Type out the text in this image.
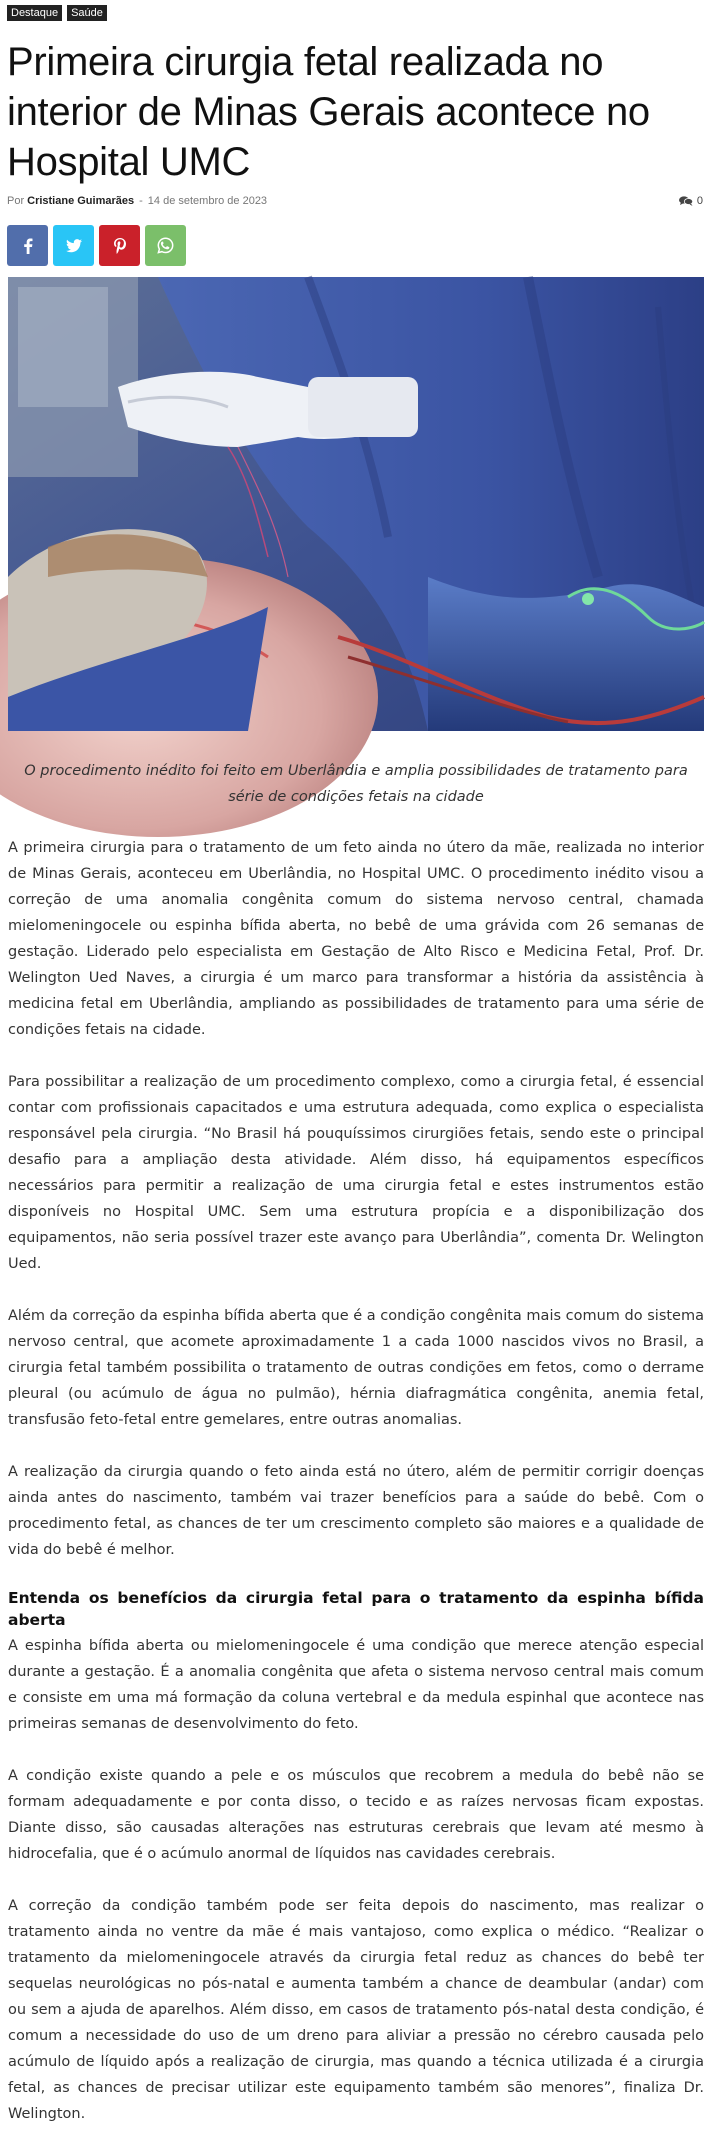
Destaque	Saúde
Primeira cirurgia fetal realizada no interior de Minas Gerais acontece no Hospital UMC
Por Cristiane Guimarães - 14 de setembro de 2023	0
O procedimento inédito foi feito em Uberlândia e amplia possibilidades de tratamento para série de condições fetais na cidade

A primeira cirurgia para o tratamento de um feto ainda no útero da mãe, realizada no interior de Minas Gerais, aconteceu em Uberlândia, no Hospital UMC. O procedimento inédito visou a correção de uma anomalia congênita comum do sistema nervoso central, chamada mielomeningocele ou espinha bífida aberta, no bebê de uma grávida com 26 semanas de gestação. Liderado pelo especialista em Gestação de Alto Risco e Medicina Fetal, Prof. Dr. Welington Ued Naves, a cirurgia é um marco para transformar a história da assistência à medicina fetal em Uberlândia, ampliando as possibilidades de tratamento para uma série de condições fetais na cidade.

Para possibilitar a realização de um procedimento complexo, como a cirurgia fetal, é essencial contar com profissionais capacitados e uma estrutura adequada, como explica o especialista responsável pela cirurgia. “No Brasil há pouquíssimos cirurgiões fetais, sendo este o principal desafio para a ampliação desta atividade. Além disso, há equipamentos específicos necessários para permitir a realização de uma cirurgia fetal e estes instrumentos estão disponíveis no Hospital UMC. Sem uma estrutura propícia e a disponibilização dos equipamentos, não seria possível trazer este avanço para Uberlândia”, comenta Dr. Welington Ued.

Além da correção da espinha bífida aberta que é a condição congênita mais comum do sistema nervoso central, que acomete aproximadamente 1 a cada 1000 nascidos vivos no Brasil, a cirurgia fetal também possibilita o tratamento de outras condições em fetos, como o derrame pleural (ou acúmulo de água no pulmão), hérnia diafragmática congênita, anemia fetal, transfusão feto-fetal entre gemelares, entre outras anomalias.

A realização da cirurgia quando o feto ainda está no útero, além de permitir corrigir doenças ainda antes do nascimento, também vai trazer benefícios para a saúde do bebê. Com o procedimento fetal, as chances de ter um crescimento completo são maiores e a qualidade de vida do bebê é melhor.

Entenda os benefícios da cirurgia fetal para o tratamento da espinha bífida aberta

A espinha bífida aberta ou mielomeningocele é uma condição que merece atenção especial durante a gestação. É a anomalia congênita que afeta o sistema nervoso central mais comum e consiste em uma má formação da coluna vertebral e da medula espinhal que acontece nas primeiras semanas de desenvolvimento do feto.

A condição existe quando a pele e os músculos que recobrem a medula do bebê não se formam adequadamente e por conta disso, o tecido e as raízes nervosas ficam expostas. Diante disso, são causadas alterações nas estruturas cerebrais que levam até mesmo à hidrocefalia, que é o acúmulo anormal de líquidos nas cavidades cerebrais.

A correção da condição também pode ser feita depois do nascimento, mas realizar o tratamento ainda no ventre da mãe é mais vantajoso, como explica o médico. “Realizar o tratamento da mielomeningocele através da cirurgia fetal reduz as chances do bebê ter sequelas neurológicas no pós-natal e aumenta também a chance de deambular (andar) com ou sem a ajuda de aparelhos. Além disso, em casos de tratamento pós-natal desta condição, é comum a necessidade do uso de um dreno para aliviar a pressão no cérebro causada pelo acúmulo de líquido após a realização de cirurgia, mas quando a técnica utilizada é a cirurgia fetal, as chances de precisar utilizar este equipamento também são menores”, finaliza Dr. Welington.
